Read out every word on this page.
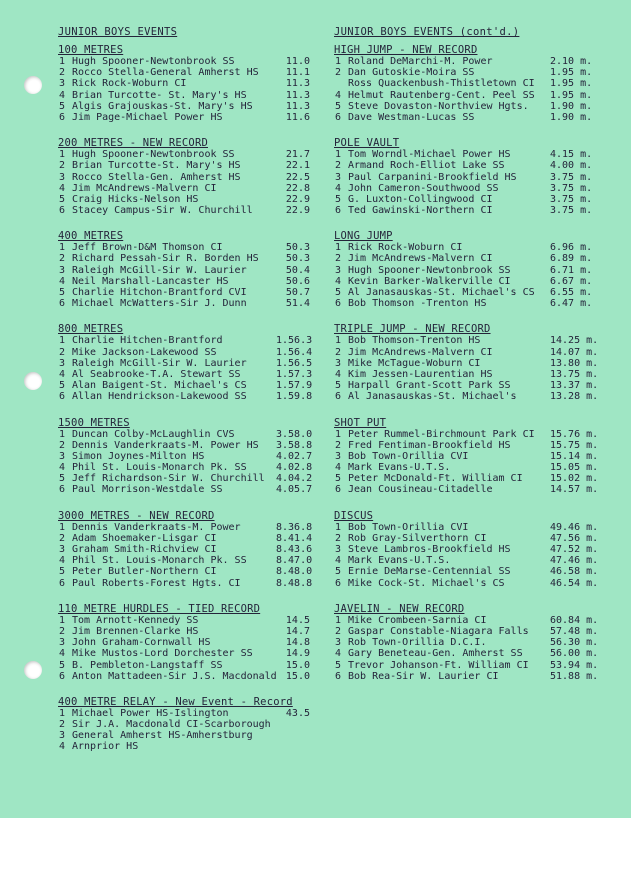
JUNIOR BOYS EVENTS
100 METRES
1 Hugh Spooner-Newtonbrook SS	11.0
2 Rocco Stella-General Amherst HS	11.1
3 Rick Rock-Woburn CI	11.3
4 Brian Turcotte- St. Mary's HS	11.3
5 Algis Grajouskas-St. Mary's HS	11.3
6 Jim Page-Michael Power HS	11.6
200 METRES - NEW RECORD
1 Hugh Spooner-Newtonbrook SS	21.7
2 Brian Turcotte-St. Mary's HS	22.1
3 Rocco Stella-Gen. Amherst HS	22.5
4 Jim McAndrews-Malvern CI	22.8
5 Craig Hicks-Nelson HS	22.9
6 Stacey Campus-Sir W. Churchill	22.9
400 METRES
1 Jeff Brown-D&M Thomson CI	50.3
2 Richard Pessah-Sir R. Borden HS	50.3
3 Raleigh McGill-Sir W. Laurier	50.4
4 Neil Marshall-Lancaster HS	50.6
5 Charlie Hitchon-Brantford CVI	50.7
6 Michael McWatters-Sir J. Dunn	51.4
800 METRES
1 Charlie Hitchen-Brantford	1.56.3
2 Mike Jackson-Lakewood SS	1.56.4
3 Raleigh McGill-Sir W. Laurier	1.56.5
4 Al Seabrooke-T.A. Stewart SS	1.57.3
5 Alan Baigent-St. Michael's CS	1.57.9
6 Allan Hendrickson-Lakewood SS	1.59.8
1500 METRES
1 Duncan Colby-McLaughlin CVS	3.58.0
2 Dennis Vanderkraats-M. Power HS	3.58.8
3 Simon Joynes-Milton HS	4.02.7
4 Phil St. Louis-Monarch Pk. SS	4.02.8
5 Jeff Richardson-Sir W. Churchill	4.04.2
6 Paul Morrison-Westdale SS	4.05.7
3000 METRES - NEW RECORD
1 Dennis Vanderkraats-M. Power	8.36.8
2 Adam Shoemaker-Lisgar CI	8.41.4
3 Graham Smith-Richview CI	8.43.6
4 Phil St. Louis-Monarch Pk. SS	8.47.0
5 Peter Butler-Northern CI	8.48.0
6 Paul Roberts-Forest Hgts. CI	8.48.8
110 METRE HURDLES - TIED RECORD
1 Tom Arnott-Kennedy SS	14.5
2 Jim Brennen-Clarke HS	14.7
3 John Graham-Cornwall HS	14.8
4 Mike Mustos-Lord Dorchester SS	14.9
5 B. Pembleton-Langstaff SS	15.0
6 Anton Mattadeen-Sir J.S. Macdonald 15.0
400 METRE RELAY - New Event - Record
1 Michael Power HS-Islington	43.5
2 Sir J.A. Macdonald CI-Scarborough
3 General Amherst HS-Amherstburg
4 Arnprior HS
JUNIOR BOYS EVENTS (cont'd.)
HIGH JUMP - NEW RECORD
1 Roland DeMarchi-M. Power	2.10 m.
2 Dan Gutoskie-Moira SS	1.95 m.
Ross Quackenbush-Thistletown CI	1.95 m.
4 Helmut Rautenberg-Cent. Peel SS	1.95 m.
5 Steve Dovaston-Northview Hgts.	1.90 m.
6 Dave Westman-Lucas SS	1.90 m.
POLE VAULT
1 Tom Worndl-Michael Power HS	4.15 m.
2 Armand Roch-Elliot Lake SS	4.00 m.
3 Paul Carpanini-Brookfield HS	3.75 m.
4 John Cameron-Southwood SS	3.75 m.
5 G. Luxton-Collingwood CI	3.75 m.
6 Ted Gawinski-Northern CI	3.75 m.
LONG JUMP
1 Rick Rock-Woburn CI	6.96 m.
2 Jim McAndrews-Malvern CI	6.89 m.
3 Hugh Spooner-Newtonbrook SS	6.71 m.
4 Kevin Barker-Walkerville CI	6.67 m.
5 Al Janasauskas-St. Michael's CS	6.55 m.
6 Bob Thomson -Trenton HS	6.47 m.
TRIPLE JUMP - NEW RECORD
1 Bob Thomson-Trenton HS	14.25 m.
2 Jim McAndrews-Malvern CI	14.07 m.
3 Mike McTague-Woburn CI	13.80 m.
4 Kim Jessen-Laurentian HS	13.75 m.
5 Harpall Grant-Scott Park SS	13.37 m.
6 Al Janasauskas-St. Michael's	13.28 m.
SHOT PUT
1 Peter Rummel-Birchmount Park CI	15.76 m.
2 Fred Fentiman-Brookfield HS	15.75 m.
3 Bob Town-Orillia CVI	15.14 m.
4 Mark Evans-U.T.S.	15.05 m.
5 Peter McDonald-Ft. William CI	15.02 m.
6 Jean Cousineau-Citadelle	14.57 m.
DISCUS
1 Bob Town-Orillia CVI	49.46 m.
2 Rob Gray-Silverthorn CI	47.56 m.
3 Steve Lambros-Brookfield HS	47.52 m.
4 Mark Evans-U.T.S.	47.46 m.
5 Ernie DeMarse-Centennial SS	46.58 m.
6 Mike Cock-St. Michael's CS	46.54 m.
JAVELIN - NEW RECORD
1 Mike Crombeen-Sarnia CI	60.84 m.
2 Gaspar Constable-Niagara Falls	57.48 m.
3 Rob Town-Orillia D.C.I.	56.30 m.
4 Gary Beneteau-Gen. Amherst SS	56.00 m.
5 Trevor Johanson-Ft. William CI	53.94 m.
6 Bob Rea-Sir W. Laurier CI	51.88 m.
